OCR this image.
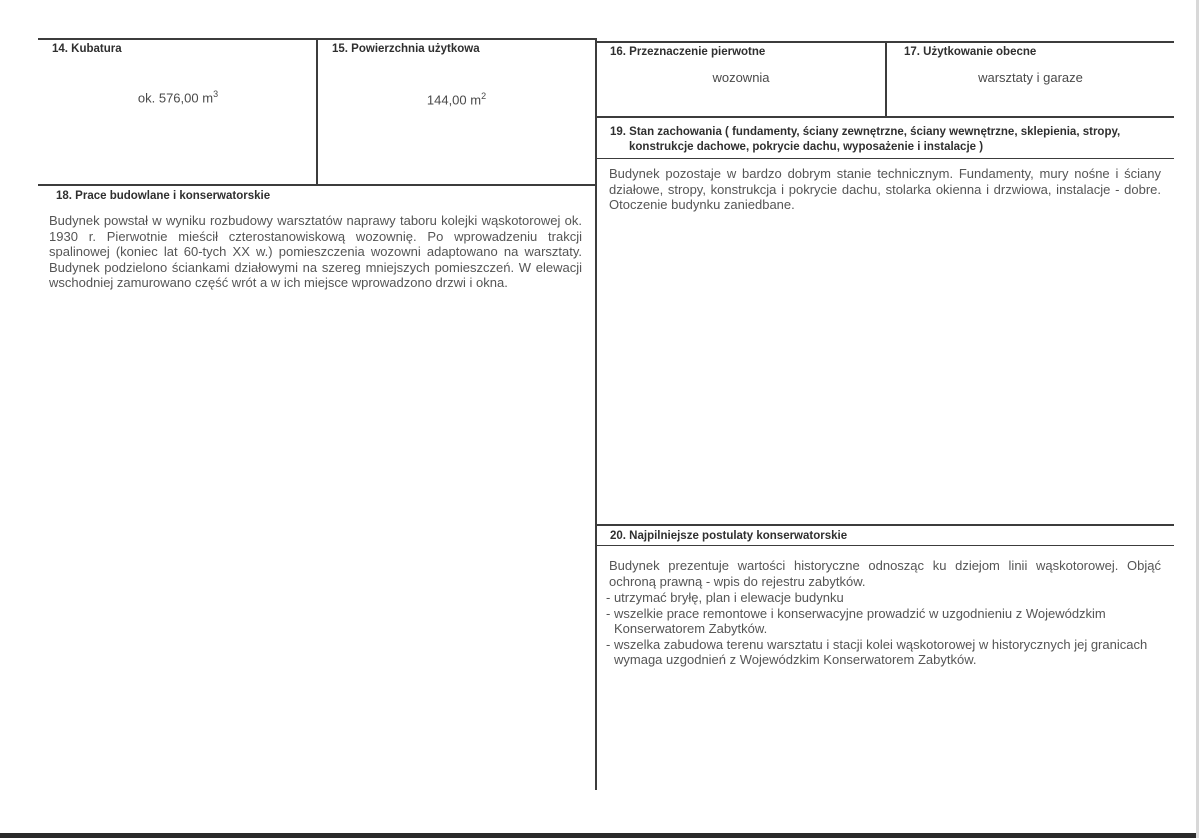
14. Kubatura
ok. 576,00 $m^3$
15. Powierzchnia użytkowa
144,00 $m^2$
16. Przeznaczenie pierwotne
wozownia
17. Użytkowanie obecne
warsztaty i garaze
18. Prace budowlane i konserwatorskie
Budynek powstał w wyniku rozbudowy warsztatów naprawy taboru kolejki wąskotorowej ok. 1930 r. Pierwotnie mieścił czterostanowiskową wozownię. Po wprowadzeniu trakcji spalinowej (koniec lat 60-tych XX w.) pomieszczenia wozowni adaptowano na warsztaty. Budynek podzielono ściankami działowymi na szereg mniejszych pomieszczeń. W elewacji wschodniej zamurowano część wrót a w ich miejsce wprowadzono drzwi i okna.
19. Stan zachowania ( fundamenty, ściany zewnętrzne, ściany wewnętrzne, sklepienia, stropy,
konstrukcje dachowe, pokrycie dachu, wyposażenie i instalacje )
Budynek pozostaje w bardzo dobrym stanie technicznym. Fundamenty, mury nośne i ściany działowe, stropy, konstrukcja i pokrycie dachu, stolarka okienna i drzwiowa, instalacje - dobre. Otoczenie budynku zaniedbane.
20. Najpilniejsze postulaty konserwatorskie
Budynek prezentuje wartości historyczne odnosząc ku dziejom linii wąskotorowej. Objąć ochroną prawną - wpis do rejestru zabytków.
- utrzymać bryłę, plan i elewacje budynku
- wszelkie prace remontowe i konserwacyjne prowadzić w uzgodnieniu z Wojewódzkim Konserwatorem Zabytków.
- wszelka zabudowa terenu warsztatu i stacji kolei wąskotorowej w historycznych jej granicach wymaga uzgodnień z Wojewódzkim Konserwatorem Zabytków.
